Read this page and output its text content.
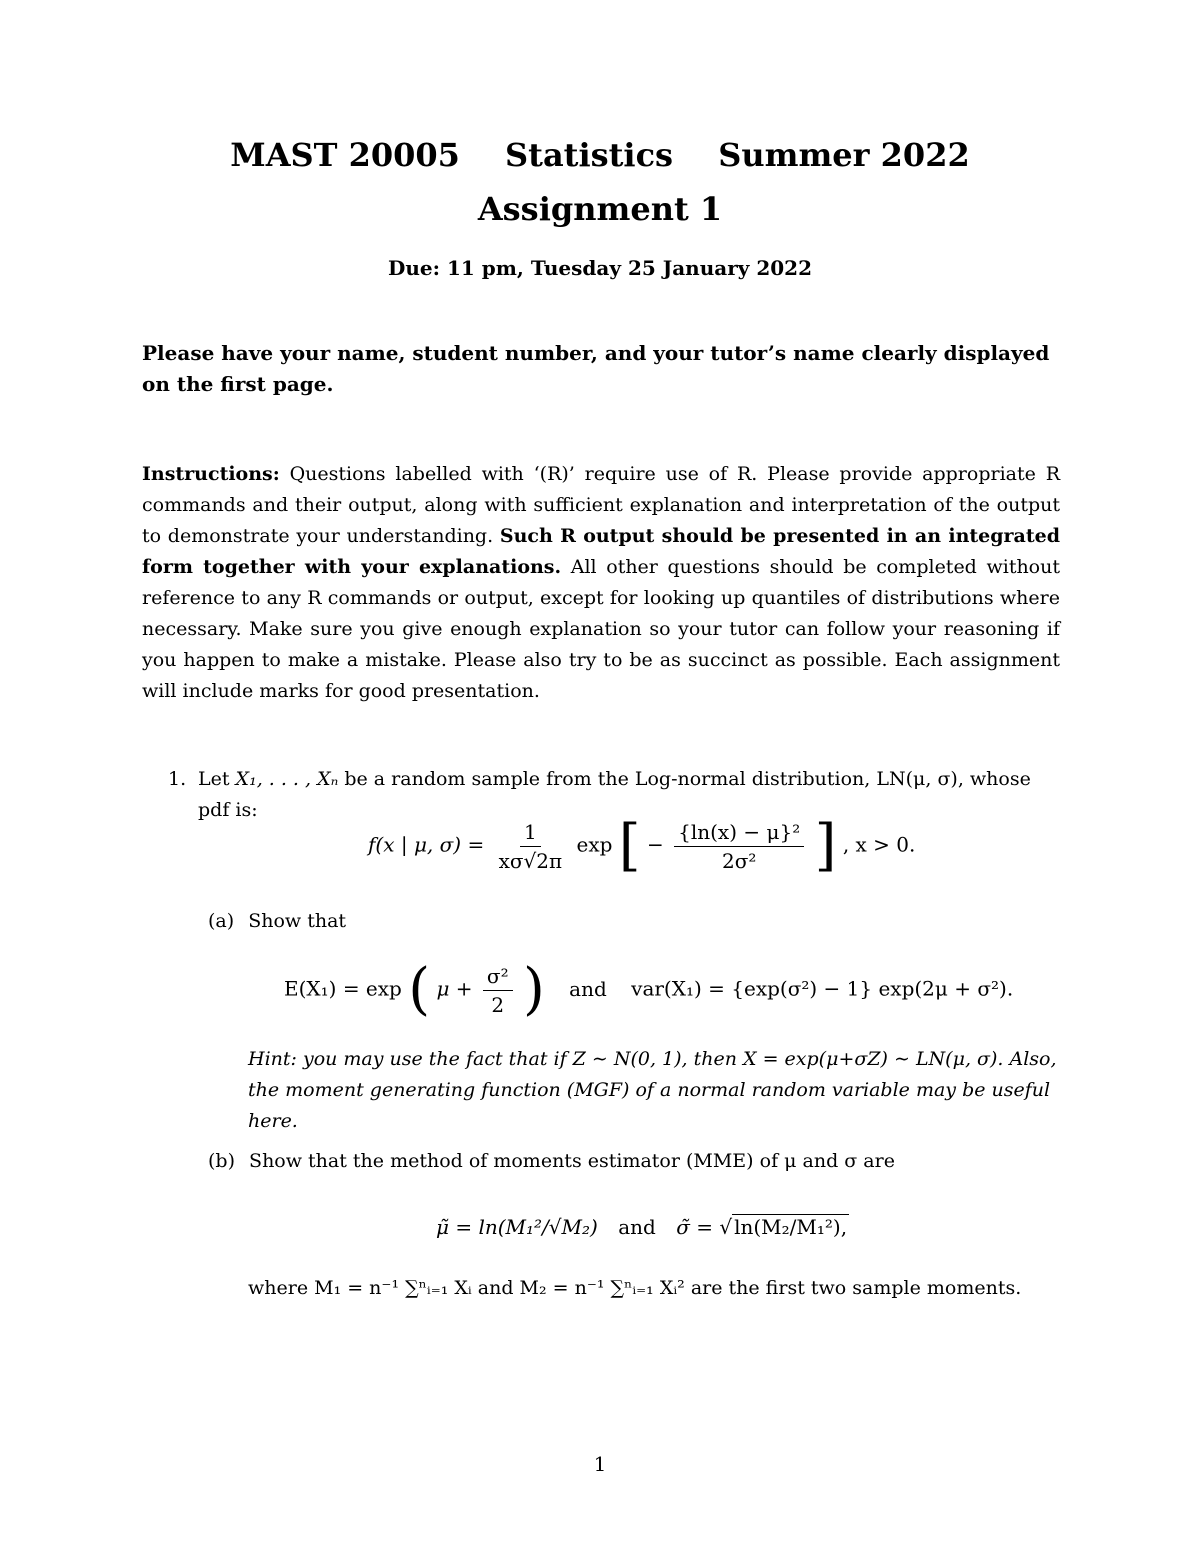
MAST 20005 Statistics Summer 2022
Assignment 1
Due: 11 pm, Tuesday 25 January 2022
Please have your name, student number, and your tutor’s name clearly displayed on the first page.
Instructions: Questions labelled with ‘(R)’ require use of R. Please provide appropriate R commands and their output, along with sufficient explanation and interpretation of the output to demonstrate your understanding. Such R output should be presented in an integrated form together with your explanations. All other questions should be completed without reference to any R commands or output, except for looking up quantiles of distributions where necessary. Make sure you give enough explanation so your tutor can follow your reasoning if you happen to make a mistake. Please also try to be as succinct as possible. Each assignment will include marks for good presentation.
1. Let X₁, . . . , Xₙ be a random sample from the Log-normal distribution, LN(μ, σ), whose pdf is:
f(x | μ, $\sigma) = \frac{1}{x\sigma√2\pi}$ exp [ − $\frac{\text{\{ln(x) − μ\}²}}{\text{2σ²}}$ ] , x > 0.
(a) Show that
E(X₁) = exp ( $\mu + \frac{\text{σ²}}{2}$ ) and var(X₁) = {exp(σ²) − 1} exp(2μ + σ²).
Hint: you may use the fact that if Z ∼ N(0, 1), then X = exp(μ+σZ) ∼ LN(μ, σ). Also, the moment generating function (MGF) of a normal random variable may be useful here.
(b) Show that the method of moments estimator (MME) of μ and σ are
μ̃ = ln(M₁²/√M₂) and σ̃ = √ ln(M₂/M₁²),
where M₁ = n⁻¹ ∑ⁿᵢ₌₁ Xᵢ and M₂ = n⁻¹ ∑ⁿᵢ₌₁ Xᵢ² are the first two sample moments.
1
